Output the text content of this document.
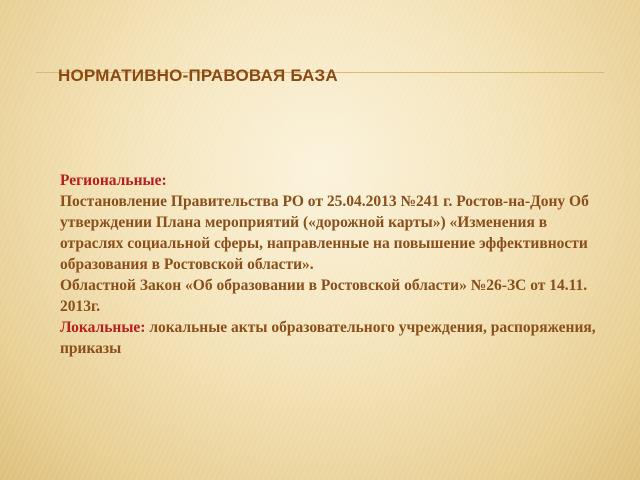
НОРМАТИВНО-ПРАВОВАЯ БАЗА

Региональные:

Постановление Правительства РО от 25.04.2013 №241 г. Ростов-на-Дону Об утверждении Плана мероприятий («дорожной карты») «Изменения в отраслях социальной сферы, направленные на повышение эффективности образования в Ростовской области».

Областной Закон «Об образовании в Ростовской области» №26-ЗС от 14.11. 2013г.

Локальные: локальные акты образовательного учреждения, распоряжения, приказы
